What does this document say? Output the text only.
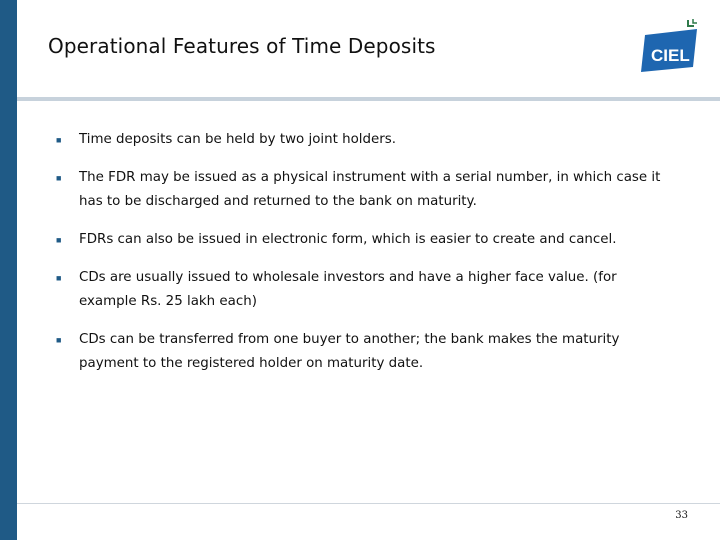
Operational Features of Time Deposits	CIEL
■	Time deposits can be held by two joint holders.
■	The FDR may be issued as a physical instrument with a serial number, in which case it has to be discharged and returned to the bank on maturity.
■	FDRs can also be issued in electronic form, which is easier to create and cancel.
■	CDs are usually issued to wholesale investors and have a higher face value. (for example Rs. 25 lakh each)
■	CDs can be transferred from one buyer to another; the bank makes the maturity payment to the registered holder on maturity date.
33
